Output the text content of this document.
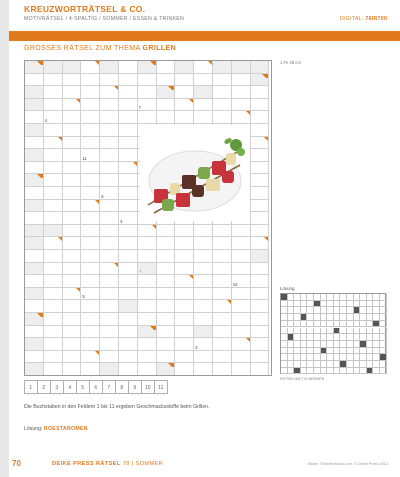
KREUZWORTRÄTSEL & CO.
MOTIVRÄTSEL / 4-SPALTIG / SOMMER / ESSEN & TRINKEN	DIGITAL: 76IR70K
GROSSES RÄTSEL ZUM THEMA GRILLEN
7
4
9
11
6
3
1
10
5
2
1 Fe 28 cm
1	2	3	4	5	6	7	8	9	10	11
Die Buchstaben in den Feldern 1 bis 11 ergeben Geschmacksstoffe beim Grillen.
Lösung: ROESTAROMEN
Lösung
RÄTSELHAFT IN BREMEN
70	DEIKE PRESS RÄTSEL 78 | SOMMER	Bilder: ©Shutterstock.com, © Deike Press 2013
